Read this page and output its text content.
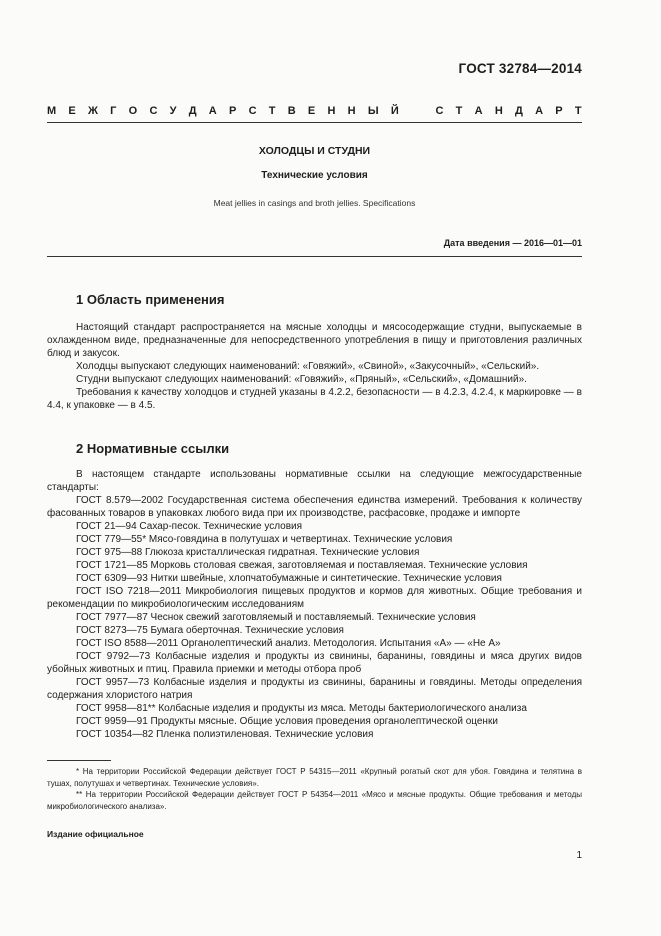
ГОСТ 32784—2014
М Е Ж Г О С У Д А Р С Т В Е Н Н Ы Й	С Т А Н Д А Р Т
ХОЛОДЦЫ И СТУДНИ
Технические условия
Meat jellies in casings and broth jellies. Specifications
Дата введения — 2016—01—01
1 Область применения

Настоящий стандарт распространяется на мясные холодцы и мясосодержащие студни, выпускаемые в охлажденном виде, предназначенные для непосредственного употребления в пищу и приготовления различных блюд и закусок.

Холодцы выпускают следующих наименований: «Говяжий», «Свиной», «Закусочный», «Сельский».

Студни выпускают следующих наименований: «Говяжий», «Пряный», «Сельский», «Домашний».

Требования к качеству холодцов и студней указаны в 4.2.2, безопасности — в 4.2.3, 4.2.4, к маркировке — в 4.4, к упаковке — в 4.5.

2 Нормативные ссылки

В настоящем стандарте использованы нормативные ссылки на следующие межгосударственные стандарты:

ГОСТ 8.579—2002 Государственная система обеспечения единства измерений. Требования к количеству фасованных товаров в упаковках любого вида при их производстве, расфасовке, продаже и импорте

ГОСТ 21—94 Сахар-песок. Технические условия

ГОСТ 779—55* Мясо-говядина в полутушах и четвертинах. Технические условия

ГОСТ 975—88 Глюкоза кристаллическая гидратная. Технические условия

ГОСТ 1721—85 Морковь столовая свежая, заготовляемая и поставляемая. Технические условия

ГОСТ 6309—93 Нитки швейные, хлопчатобумажные и синтетические. Технические условия

ГОСТ ISO 7218—2011 Микробиология пищевых продуктов и кормов для животных. Общие требования и рекомендации по микробиологическим исследованиям

ГОСТ 7977—87 Чеснок свежий заготовляемый и поставляемый. Технические условия

ГОСТ 8273—75 Бумага оберточная. Технические условия

ГОСТ ISO 8588—2011 Органолептический анализ. Методология. Испытания «А» — «Не А»

ГОСТ 9792—73 Колбасные изделия и продукты из свинины, баранины, говядины и мяса других видов убойных животных и птиц. Правила приемки и методы отбора проб

ГОСТ 9957—73 Колбасные изделия и продукты из свинины, баранины и говядины. Методы определения содержания хлористого натрия

ГОСТ 9958—81** Колбасные изделия и продукты из мяса. Методы бактериологического анализа

ГОСТ 9959—91 Продукты мясные. Общие условия проведения органолептической оценки

ГОСТ 10354—82 Пленка полиэтиленовая. Технические условия

* На территории Российской Федерации действует ГОСТ Р 54315—2011 «Крупный рогатый скот для убоя. Говядина и телятина в тушах, полутушах и четвертинах. Технические условия».

** На территории Российской Федерации действует ГОСТ Р 54354—2011 «Мясо и мясные продукты. Общие требования и методы микробиологического анализа».

Издание официальное
1
